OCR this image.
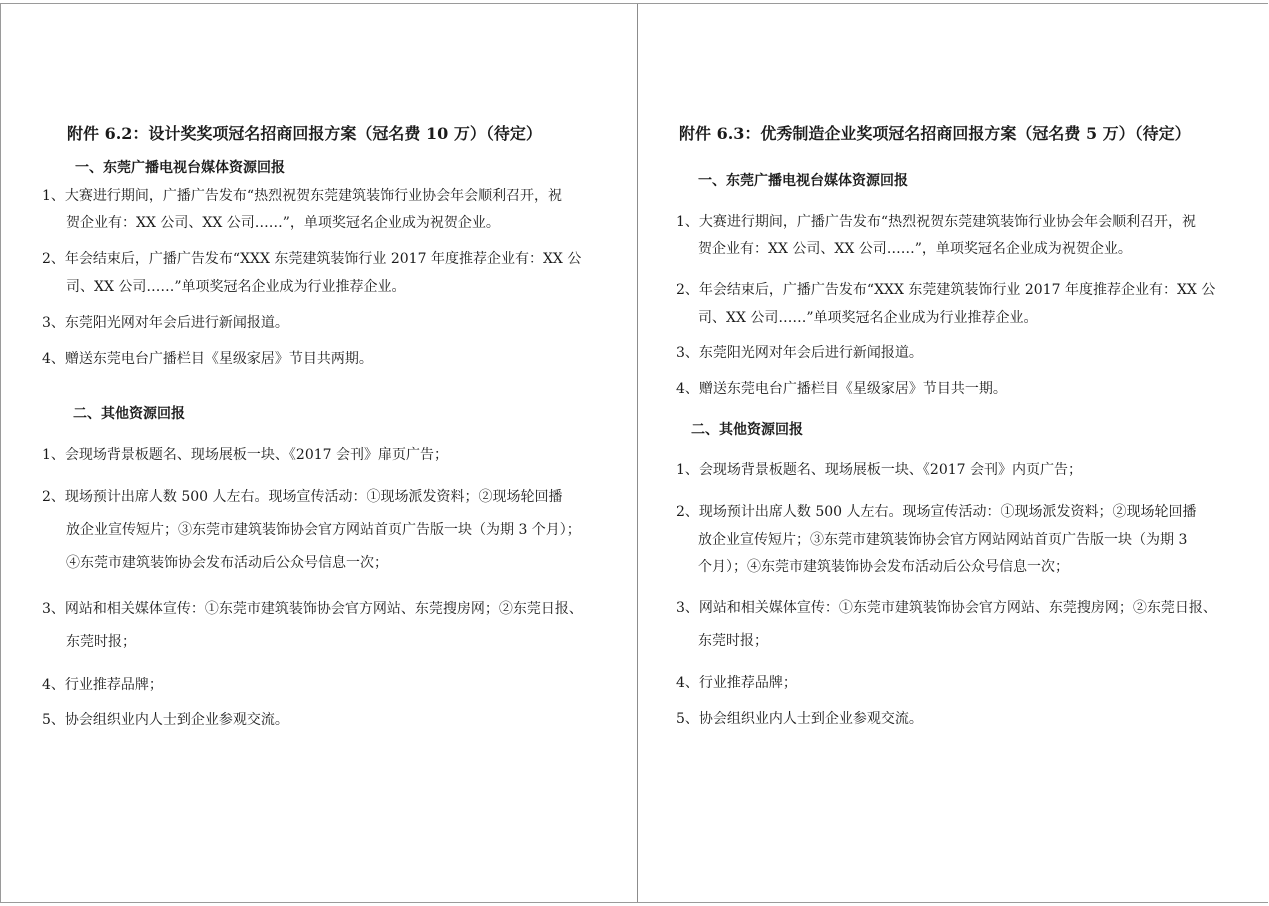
附件 6.2：设计奖奖项冠名招商回报方案（冠名费 10 万）（待定）
一、东莞广播电视台媒体资源回报
1、大赛进行期间，广播广告发布“热烈祝贺东莞建筑装饰行业协会年会顺利召开，祝
贺企业有：XX 公司、XX 公司……”，单项奖冠名企业成为祝贺企业。
2、年会结束后，广播广告发布“XXX 东莞建筑装饰行业 2017 年度推荐企业有：XX 公
司、XX 公司……”单项奖冠名企业成为行业推荐企业。
3、东莞阳光网对年会后进行新闻报道。
4、赠送东莞电台广播栏目《星级家居》节目共两期。
二、其他资源回报
1、会现场背景板题名、现场展板一块、《2017 会刊》扉页广告；
2、现场预计出席人数 500 人左右。现场宣传活动：①现场派发资料；②现场轮回播
放企业宣传短片；③东莞市建筑装饰协会官方网站首页广告版一块（为期 3 个月）；
④东莞市建筑装饰协会发布活动后公众号信息一次；
3、网站和相关媒体宣传：①东莞市建筑装饰协会官方网站、东莞搜房网；②东莞日报、
东莞时报；
4、行业推荐品牌；
5、协会组织业内人士到企业参观交流。
附件 6.3：优秀制造企业奖项冠名招商回报方案（冠名费 5 万）（待定）
一、东莞广播电视台媒体资源回报
1、大赛进行期间，广播广告发布“热烈祝贺东莞建筑装饰行业协会年会顺利召开，祝
贺企业有：XX 公司、XX 公司……”，单项奖冠名企业成为祝贺企业。
2、年会结束后，广播广告发布“XXX 东莞建筑装饰行业 2017 年度推荐企业有：XX 公
司、XX 公司……”单项奖冠名企业成为行业推荐企业。
3、东莞阳光网对年会后进行新闻报道。
4、赠送东莞电台广播栏目《星级家居》节目共一期。
二、其他资源回报
1、会现场背景板题名、现场展板一块、《2017 会刊》内页广告；
2、现场预计出席人数 500 人左右。现场宣传活动：①现场派发资料；②现场轮回播
放企业宣传短片；③东莞市建筑装饰协会官方网站网站首页广告版一块（为期 3
个月）；④东莞市建筑装饰协会发布活动后公众号信息一次；
3、网站和相关媒体宣传：①东莞市建筑装饰协会官方网站、东莞搜房网；②东莞日报、
东莞时报；
4、行业推荐品牌；
5、协会组织业内人士到企业参观交流。
